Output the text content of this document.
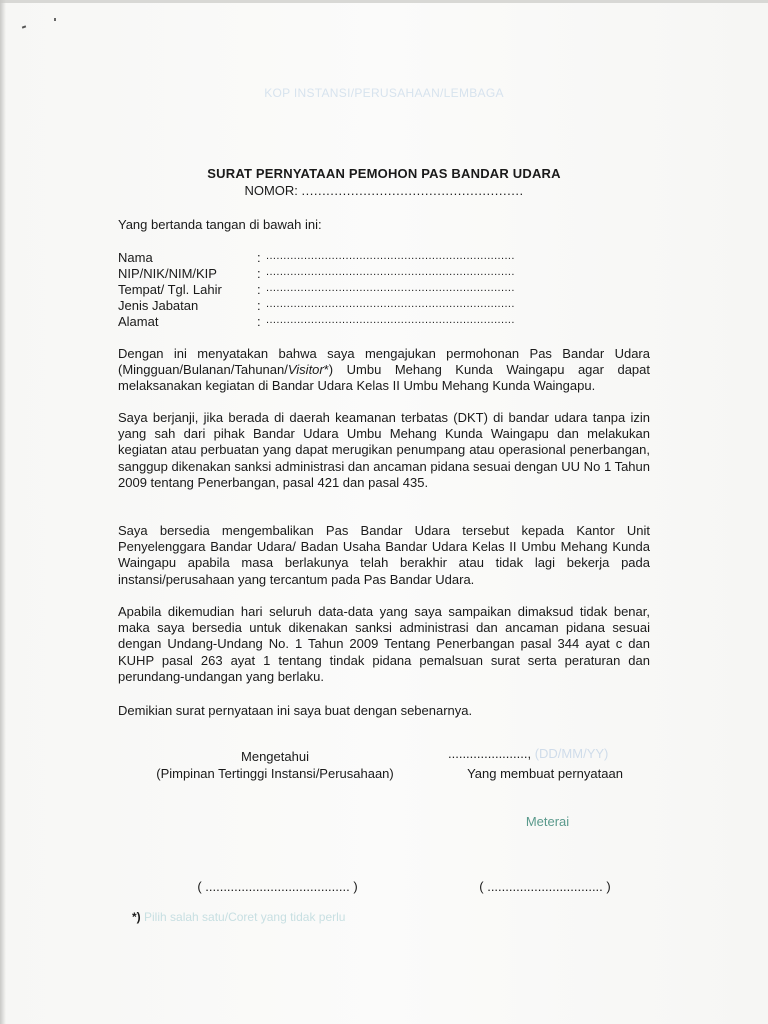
KOP INSTANSI/PERUSAHAAN/LEMBAGA
SURAT PERNYATAAN PEMOHON PAS BANDAR UDARA
NOMOR: ......................................................
Yang bertanda tangan di bawah ini:
Nama	: ........................................................................
NIP/NIK/NIM/KIP	: ........................................................................
Tempat/ Tgl. Lahir	: ........................................................................
Jenis Jabatan	: ........................................................................
Alamat	: ........................................................................
Dengan ini menyatakan bahwa saya mengajukan permohonan Pas Bandar Udara (Mingguan/Bulanan/Tahunan/Visitor*) Umbu Mehang Kunda Waingapu agar dapat melaksanakan kegiatan di Bandar Udara Kelas II Umbu Mehang Kunda Waingapu.
Saya berjanji, jika berada di daerah keamanan terbatas (DKT) di bandar udara tanpa izin yang sah dari pihak Bandar Udara Umbu Mehang Kunda Waingapu dan melakukan kegiatan atau perbuatan yang dapat merugikan penumpang atau operasional penerbangan, sanggup dikenakan sanksi administrasi dan ancaman pidana sesuai dengan UU No 1 Tahun 2009 tentang Penerbangan, pasal 421 dan pasal 435.
Saya bersedia mengembalikan Pas Bandar Udara tersebut kepada Kantor Unit Penyelenggara Bandar Udara/ Badan Usaha Bandar Udara Kelas II Umbu Mehang Kunda Waingapu apabila masa berlakunya telah berakhir atau tidak lagi bekerja pada instansi/perusahaan yang tercantum pada Pas Bandar Udara.
Apabila dikemudian hari seluruh data-data yang saya sampaikan dimaksud tidak benar, maka saya bersedia untuk dikenakan sanksi administrasi dan ancaman pidana sesuai dengan Undang-Undang No. 1 Tahun 2009 Tentang Penerbangan pasal 344 ayat c dan KUHP pasal 263 ayat 1 tentang tindak pidana pemalsuan surat serta peraturan dan perundang-undangan yang berlaku.
Demikian surat pernyataan ini saya buat dengan sebenarnya.
Mengetahui
(Pimpinan Tertinggi Instansi/Perusahaan)
......................, (DD/MM/YY)
Yang membuat pernyataan
Meterai
( ........................................ )	( ................................ )
*) Pilih salah satu/Coret yang tidak perlu
